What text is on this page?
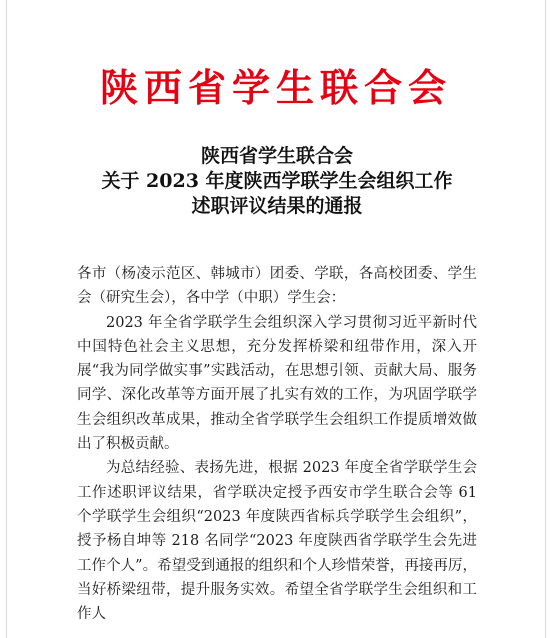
陕西省学生联合会
陕西省学生联合会
关于 2023 年度陕西学联学生会组织工作
述职评议结果的通报

各市（杨凌示范区、韩城市）团委、学联，各高校团委、学生会（研究生会），各中学（中职）学生会：

2023 年全省学联学生会组织深入学习贯彻习近平新时代中国特色社会主义思想，充分发挥桥梁和纽带作用，深入开展“我为同学做实事”实践活动，在思想引领、贡献大局、服务同学、深化改革等方面开展了扎实有效的工作，为巩固学联学生会组织改革成果，推动全省学联学生会组织工作提质增效做出了积极贡献。

为总结经验、表扬先进，根据 2023 年度全省学联学生会工作述职评议结果，省学联决定授予西安市学生联合会等 61 个学联学生会组织“2023 年度陕西省标兵学联学生会组织”，授予杨自坤等 218 名同学“2023 年度陕西省学联学生会先进工作个人”。希望受到通报的组织和个人珍惜荣誉，再接再厉，当好桥梁纽带，提升服务实效。希望全省学联学生会组织和工作人
